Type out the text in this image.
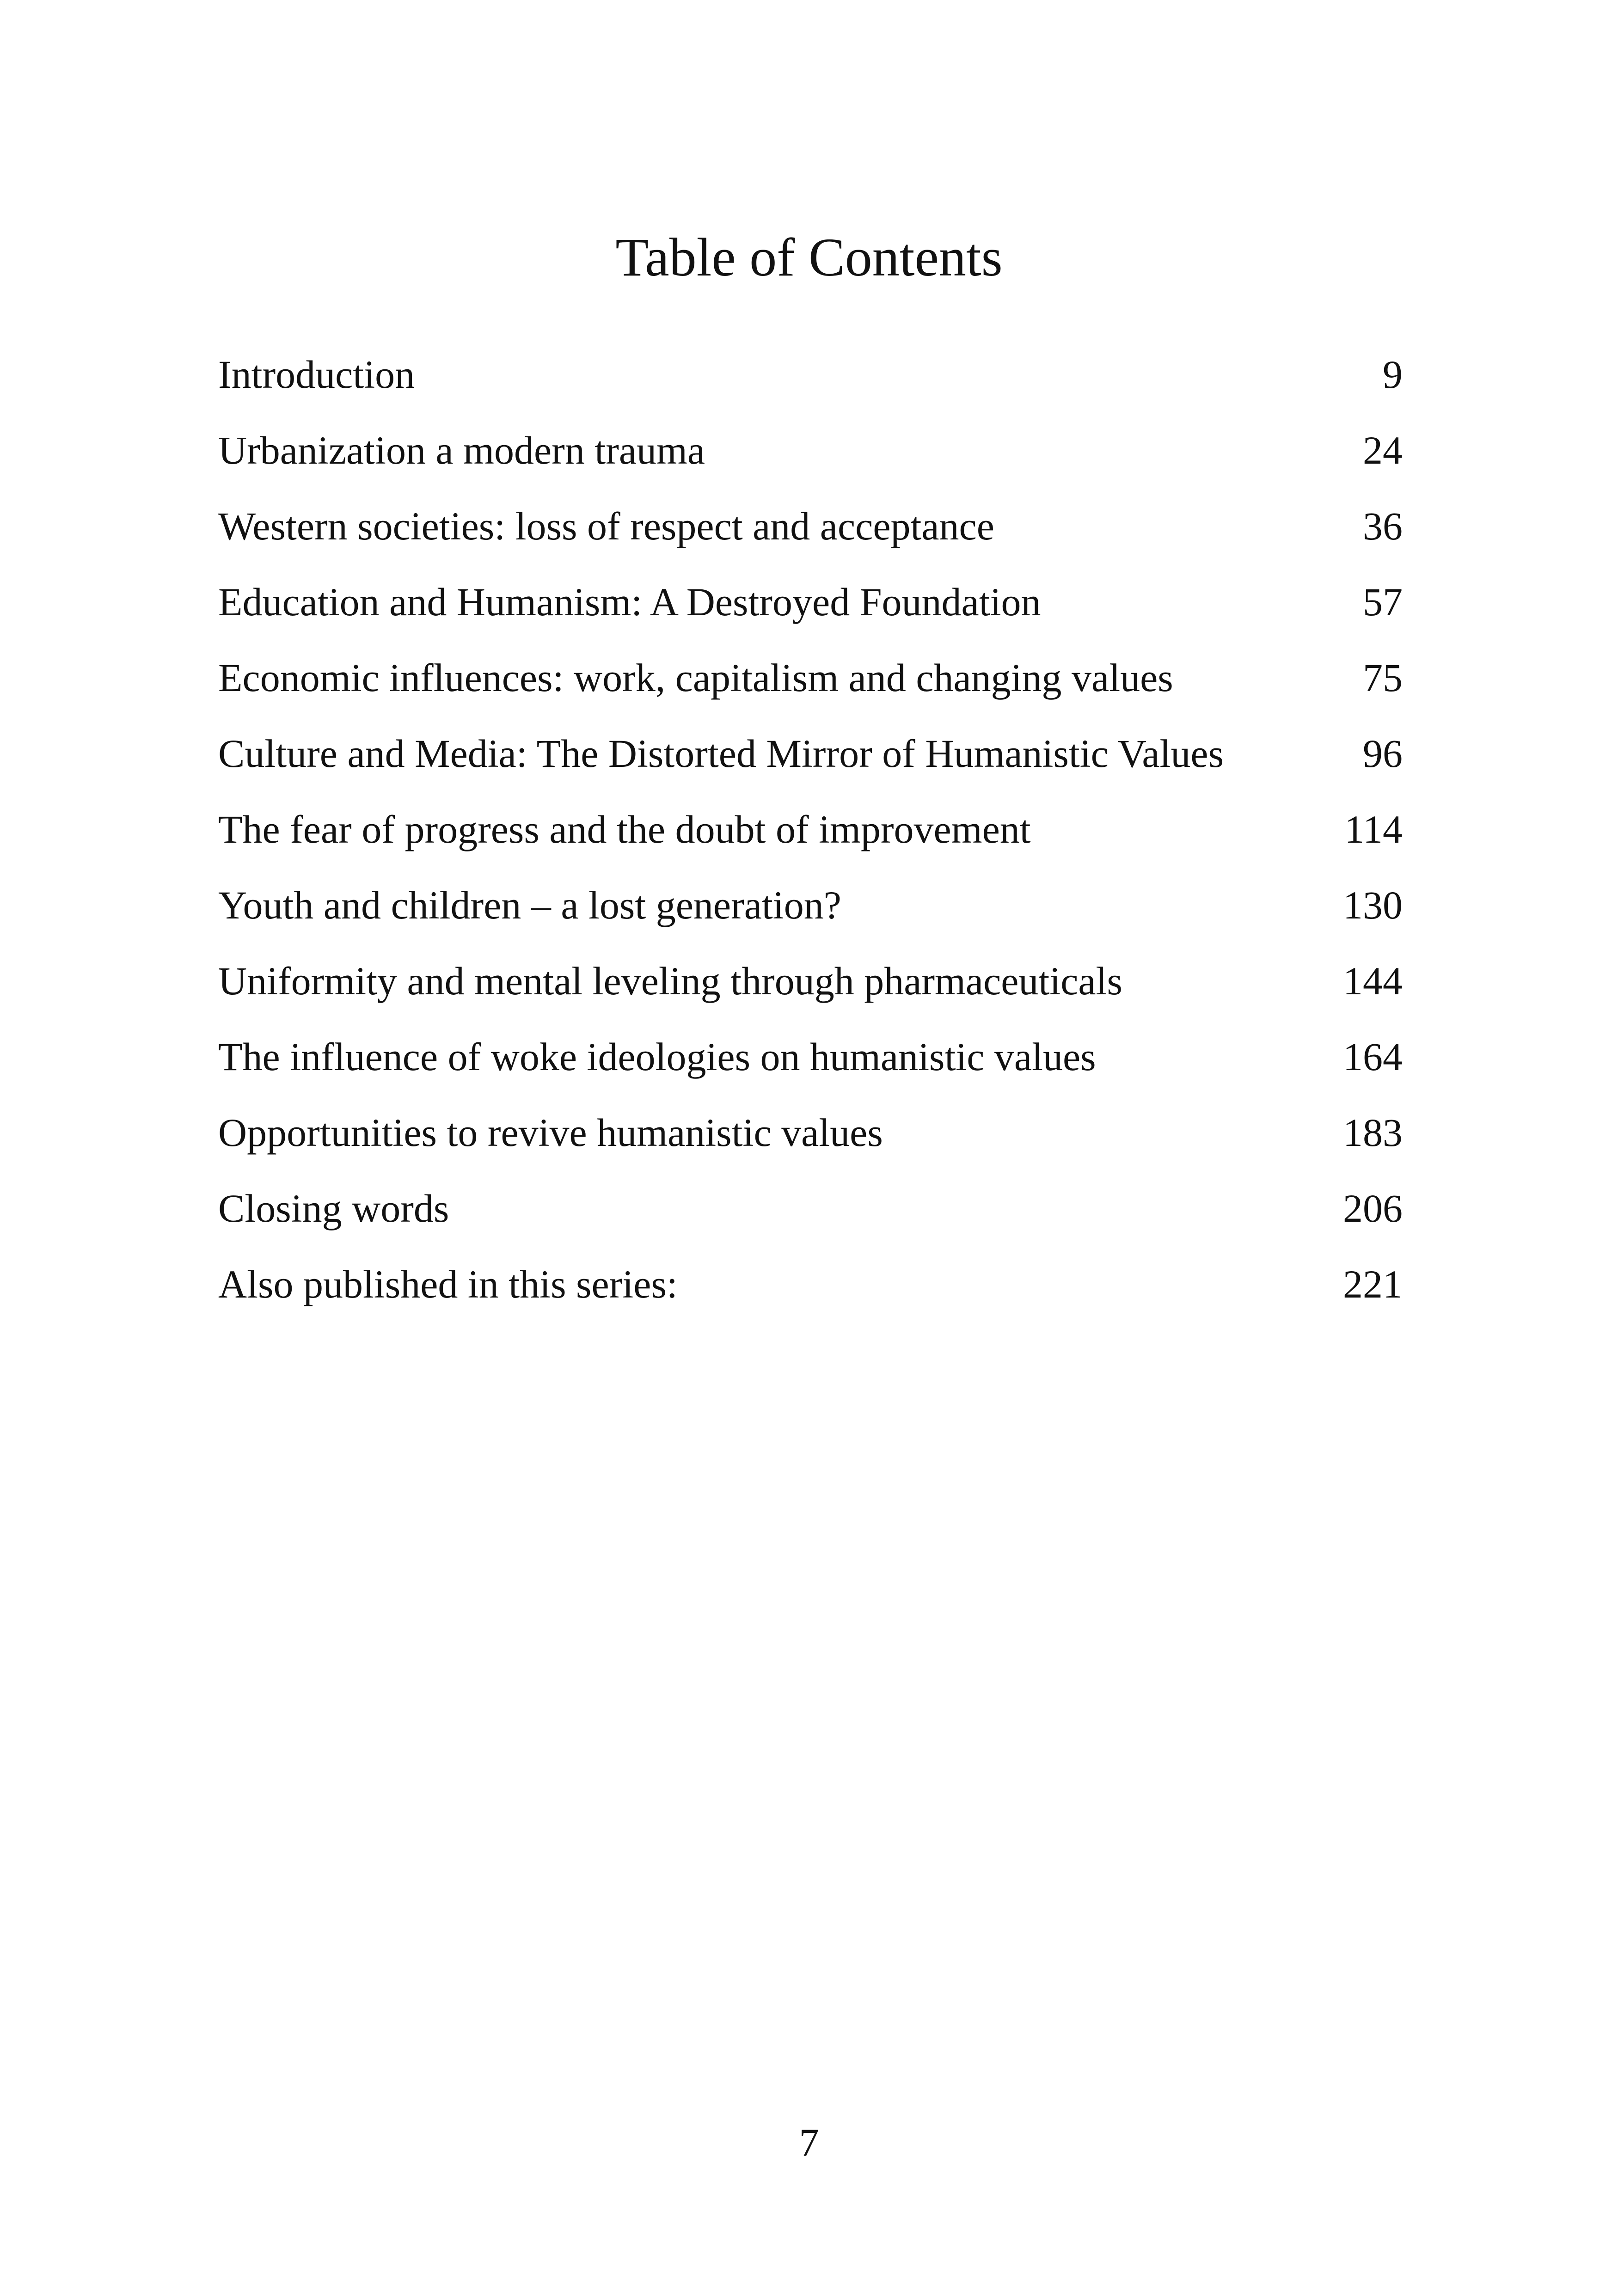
Table of Contents
Introduction	9
Urbanization a modern trauma	24
Western societies: loss of respect and acceptance	36
Education and Humanism: A Destroyed Foundation	57
Economic influences: work, capitalism and changing values	75
Culture and Media: The Distorted Mirror of Humanistic Values	96
The fear of progress and the doubt of improvement	114
Youth and children – a lost generation?	130
Uniformity and mental leveling through pharmaceuticals	144
The influence of woke ideologies on humanistic values	164
Opportunities to revive humanistic values	183
Closing words	206
Also published in this series:	221
7
